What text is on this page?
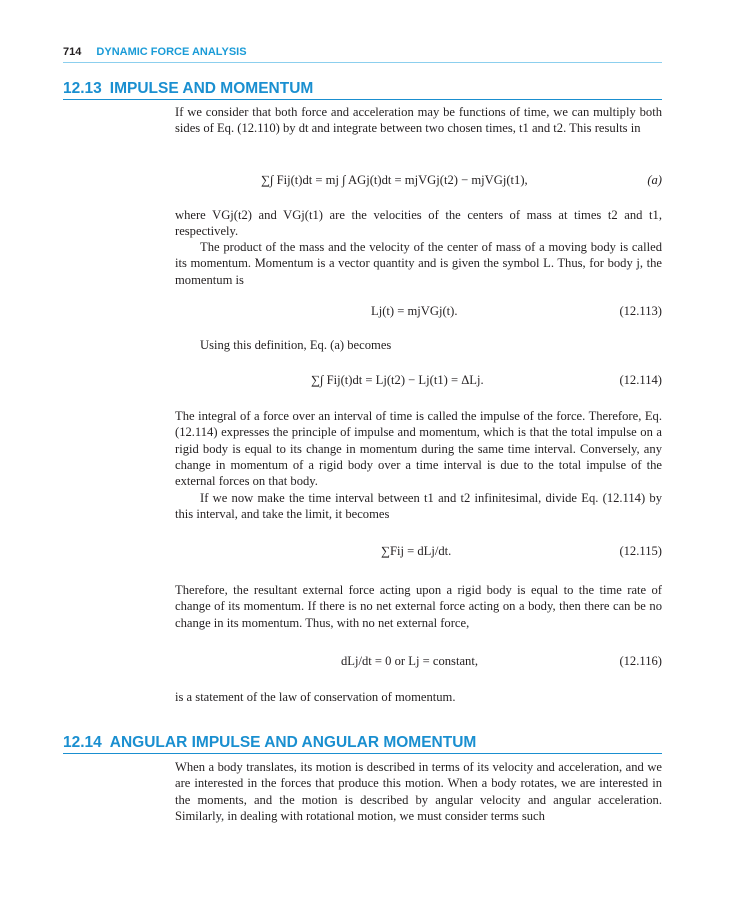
714 DYNAMIC FORCE ANALYSIS
12.13 IMPULSE AND MOMENTUM
If we consider that both force and acceleration may be functions of time, we can multiply both sides of Eq. (12.110) by dt and integrate between two chosen times, t1 and t2. This results in
∑∫ Fij(t)dt = mj ∫ AGj(t)dt = mjVGj(t2) − mjVGj(t1),	(a)
where VGj(t2) and VGj(t1) are the velocities of the centers of mass at times t2 and t1, respectively.
The product of the mass and the velocity of the center of mass of a moving body is called its momentum. Momentum is a vector quantity and is given the symbol L. Thus, for body j, the momentum is
Lj(t) = mjVGj(t).	(12.113)
Using this definition, Eq. (a) becomes
∑∫ Fij(t)dt = Lj(t2) − Lj(t1) = ΔLj.	(12.114)
The integral of a force over an interval of time is called the impulse of the force. Therefore, Eq. (12.114) expresses the principle of impulse and momentum, which is that the total impulse on a rigid body is equal to its change in momentum during the same time interval. Conversely, any change in momentum of a rigid body over a time interval is due to the total impulse of the external forces on that body.
If we now make the time interval between t1 and t2 infinitesimal, divide Eq. (12.114) by this interval, and take the limit, it becomes
∑Fij = dLj/dt.	(12.115)
Therefore, the resultant external force acting upon a rigid body is equal to the time rate of change of its momentum. If there is no net external force acting on a body, then there can be no change in its momentum. Thus, with no net external force,
dLj/dt = 0 or Lj = constant,	(12.116)
is a statement of the law of conservation of momentum.
12.14 ANGULAR IMPULSE AND ANGULAR MOMENTUM
When a body translates, its motion is described in terms of its velocity and acceleration, and we are interested in the forces that produce this motion. When a body rotates, we are interested in the moments, and the motion is described by angular velocity and angular acceleration. Similarly, in dealing with rotational motion, we must consider terms such
